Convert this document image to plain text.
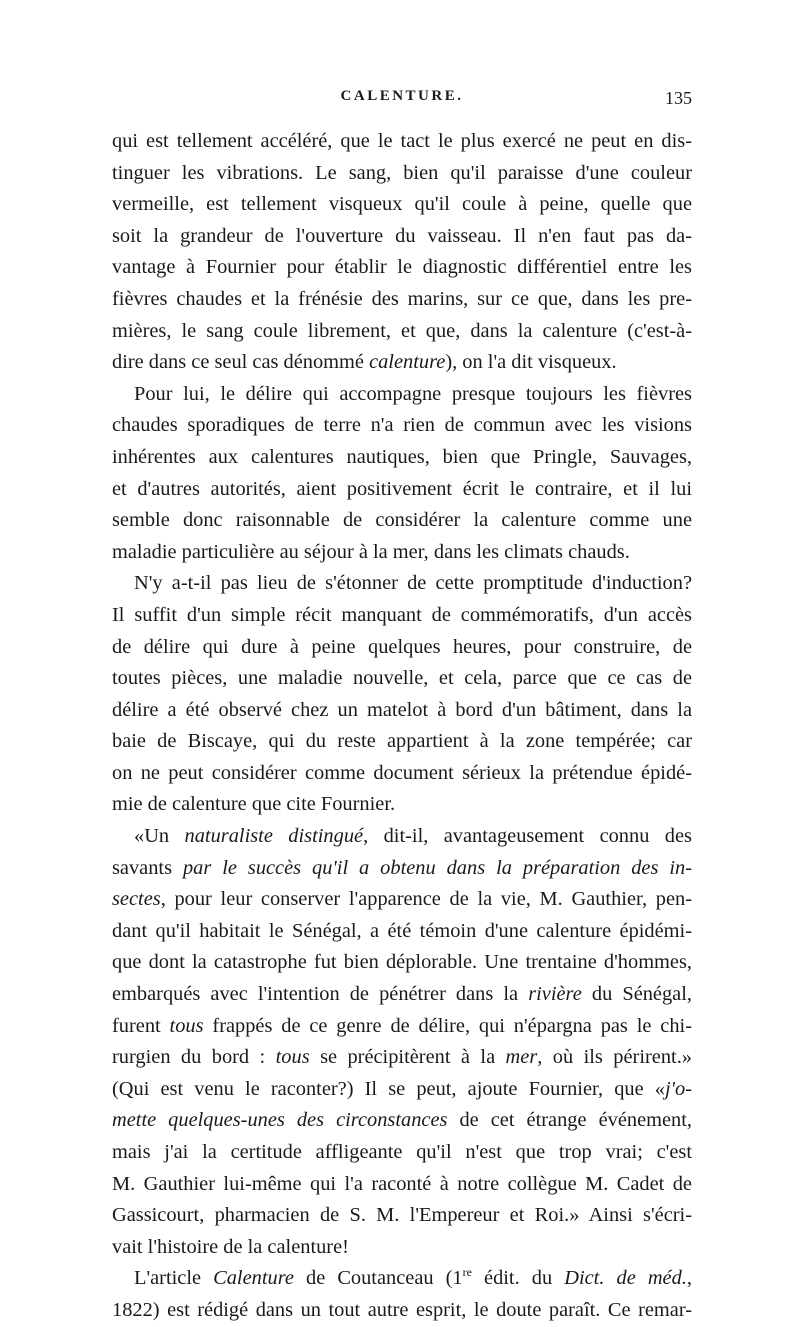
CALENTURE.	135
qui est tellement accéléré, que le tact le plus exercé ne peut en dis-
tinguer les vibrations. Le sang, bien qu'il paraisse d'une couleur
vermeille, est tellement visqueux qu'il coule à peine, quelle que
soit la grandeur de l'ouverture du vaisseau. Il n'en faut pas da-
vantage à Fournier pour établir le diagnostic différentiel entre les
fièvres chaudes et la frénésie des marins, sur ce que, dans les pre-
mières, le sang coule librement, et que, dans la calenture (c'est-à-
dire dans ce seul cas dénommé calenture), on l'a dit visqueux.
Pour lui, le délire qui accompagne presque toujours les fièvres
chaudes sporadiques de terre n'a rien de commun avec les visions
inhérentes aux calentures nautiques, bien que Pringle, Sauvages,
et d'autres autorités, aient positivement écrit le contraire, et il lui
semble donc raisonnable de considérer la calenture comme une
maladie particulière au séjour à la mer, dans les climats chauds.
N'y a-t-il pas lieu de s'étonner de cette promptitude d'induction?
Il suffit d'un simple récit manquant de commémoratifs, d'un accès
de délire qui dure à peine quelques heures, pour construire, de
toutes pièces, une maladie nouvelle, et cela, parce que ce cas de
délire a été observé chez un matelot à bord d'un bâtiment, dans la
baie de Biscaye, qui du reste appartient à la zone tempérée; car
on ne peut considérer comme document sérieux la prétendue épidé-
mie de calenture que cite Fournier.
«Un naturaliste distingué, dit-il, avantageusement connu des
savants par le succès qu'il a obtenu dans la préparation des in-
sectes, pour leur conserver l'apparence de la vie, M. Gauthier, pen-
dant qu'il habitait le Sénégal, a été témoin d'une calenture épidémi-
que dont la catastrophe fut bien déplorable. Une trentaine d'hommes,
embarqués avec l'intention de pénétrer dans la rivière du Sénégal,
furent tous frappés de ce genre de délire, qui n'épargna pas le chi-
rurgien du bord : tous se précipitèrent à la mer, où ils périrent.»
(Qui est venu le raconter?) Il se peut, ajoute Fournier, que «j'o-
mette quelques-unes des circonstances de cet étrange événement,
mais j'ai la certitude affligeante qu'il n'est que trop vrai; c'est
M. Gauthier lui-même qui l'a raconté à notre collègue M. Cadet de
Gassicourt, pharmacien de S. M. l'Empereur et Roi.» Ainsi s'écri-
vait l'histoire de la calenture!
L'article Calenture de Coutanceau (1re édit. du Dict. de méd.,
1822) est rédigé dans un tout autre esprit, le doute paraît. Ce remar-
